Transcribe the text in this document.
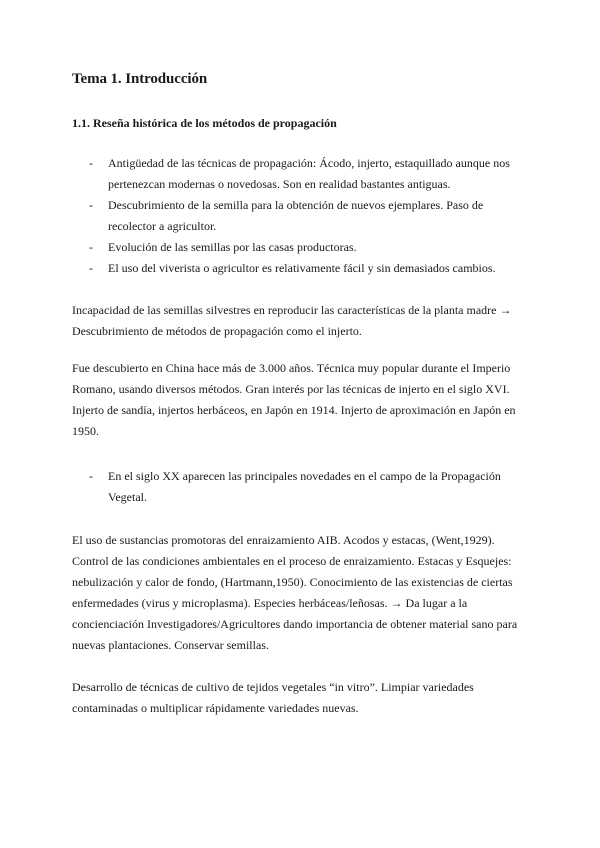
Tema 1. Introducción
1.1. Reseña histórica de los métodos de propagación
- Antigüedad de las técnicas de propagación: Ácodo, injerto, estaquillado aunque nos pertenezcan modernas o novedosas. Son en realidad bastantes antiguas.
- Descubrimiento de la semilla para la obtención de nuevos ejemplares. Paso de recolector a agricultor.
- Evolución de las semillas por las casas productoras.
- El uso del viverista o agricultor es relativamente fácil y sin demasiados cambios.

Incapacidad de las semillas silvestres en reproducir las características de la planta madre → Descubrimiento de métodos de propagación como el injerto.

Fue descubierto en China hace más de 3.000 años. Técnica muy popular durante el Imperio Romano, usando diversos métodos. Gran interés por las técnicas de injerto en el siglo XVI. Injerto de sandía, injertos herbáceos, en Japón en 1914. Injerto de aproximación en Japón en 1950.

- En el siglo XX aparecen las principales novedades en el campo de la Propagación Vegetal.

El uso de sustancias promotoras del enraizamiento AIB. Acodos y estacas, (Went,1929). Control de las condiciones ambientales en el proceso de enraizamiento. Estacas y Esquejes: nebulización y calor de fondo, (Hartmann,1950). Conocimiento de las existencias de ciertas enfermedades (virus y microplasma). Especies herbáceas/leñosas. → Da lugar a la concienciación Investigadores/Agricultores dando importancia de obtener material sano para nuevas plantaciones. Conservar semillas.

Desarrollo de técnicas de cultivo de tejidos vegetales “in vitro”. Limpiar variedades contaminadas o multiplicar rápidamente variedades nuevas.
